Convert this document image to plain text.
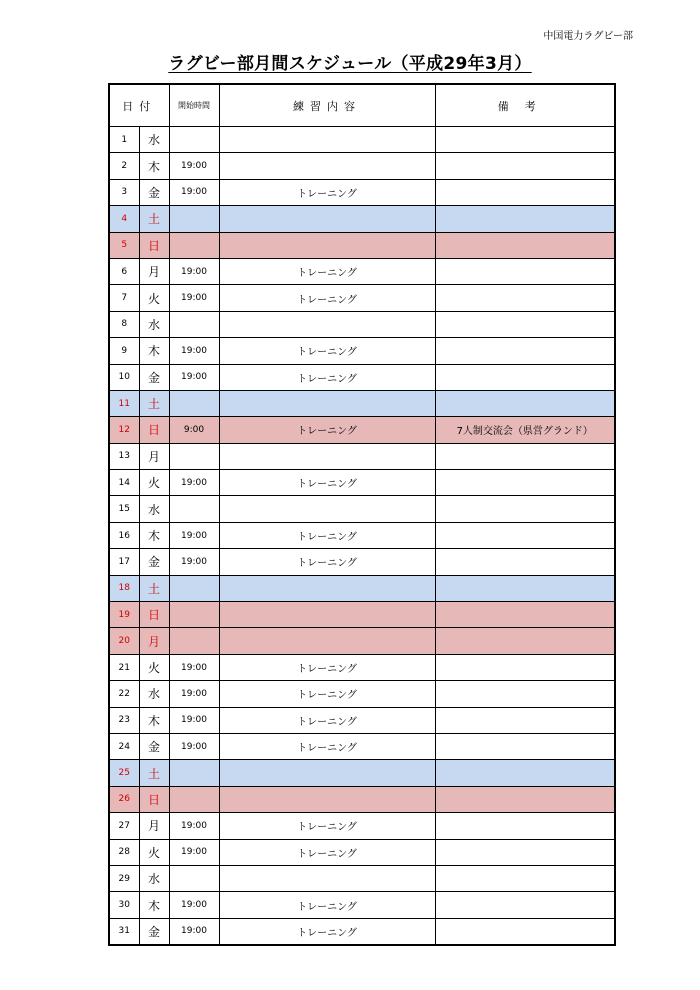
中国電力ラグビー部
ラグビー部月間スケジュール（平成29年3月）
日付		開始時間	練習内容	備考
1	水			
2	木	19:00		
3	金	19:00	トレーニング	
4	土			
5	日			
6	月	19:00	トレーニング	
7	火	19:00	トレーニング	
8	水			
9	木	19:00	トレーニング	
10	金	19:00	トレーニング	
11	土			
12	日	9:00	トレーニング	7人制交流会（県営グランド）
13	月			
14	火	19:00	トレーニング	
15	水			
16	木	19:00	トレーニング	
17	金	19:00	トレーニング	
18	土			
19	日			
20	月			
21	火	19:00	トレーニング	
22	水	19:00	トレーニング	
23	木	19:00	トレーニング	
24	金	19:00	トレーニング	
25	土			
26	日			
27	月	19:00	トレーニング	
28	火	19:00	トレーニング	
29	水			
30	木	19:00	トレーニング	
31	金	19:00	トレーニング	
